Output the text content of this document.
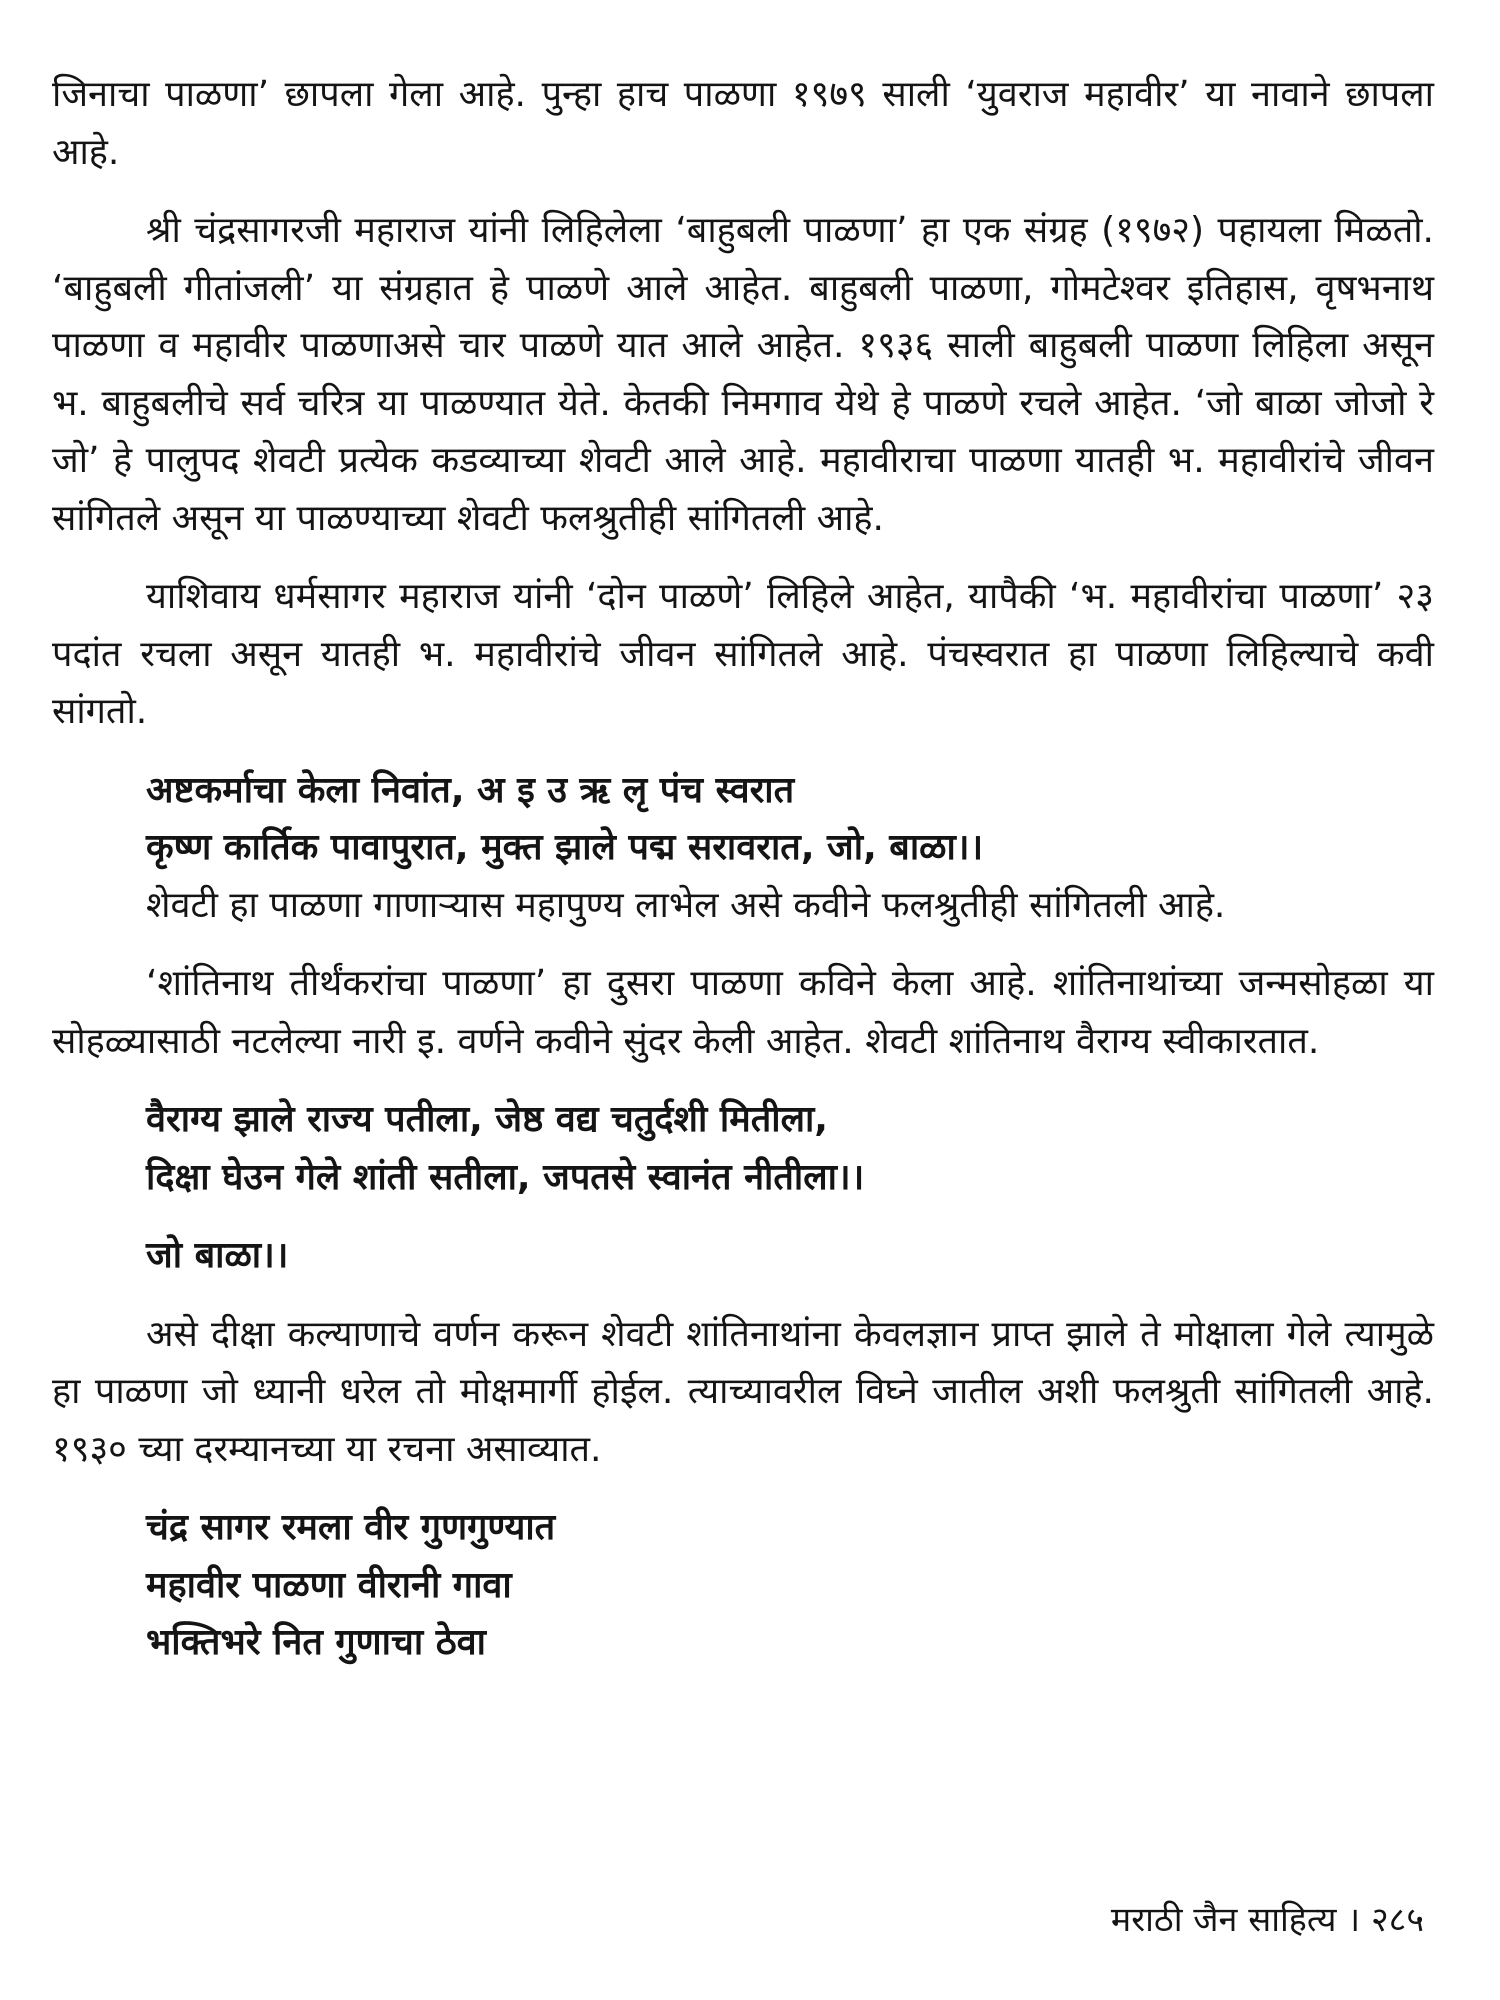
जिनाचा पाळणा’ छापला गेला आहे. पुन्हा हाच पाळणा १९७९ साली ‘युवराज महावीर’ या नावाने छापला आहे.

श्री चंद्रसागरजी महाराज यांनी लिहिलेला ‘बाहुबली पाळणा’ हा एक संग्रह (१९७२) पहायला मिळतो. ‘बाहुबली गीतांजली’ या संग्रहात हे पाळणे आले आहेत. बाहुबली पाळणा, गोमटेश्वर इतिहास, वृषभनाथ पाळणा व महावीर पाळणाअसे चार पाळणे यात आले आहेत. १९३६ साली बाहुबली पाळणा लिहिला असून भ. बाहुबलीचे सर्व चरित्र या पाळण्यात येते. केतकी निमगाव येथे हे पाळणे रचले आहेत. ‘जो बाळा जोजो रे जो’ हे पालुपद शेवटी प्रत्येक कडव्याच्या शेवटी आले आहे. महावीराचा पाळणा यातही भ. महावीरांचे जीवन सांगितले असून या पाळण्याच्या शेवटी फलश्रुतीही सांगितली आहे.

याशिवाय धर्मसागर महाराज यांनी ‘दोन पाळणे’ लिहिले आहेत, यापैकी ‘भ. महावीरांचा पाळणा’ २३ पदांत रचला असून यातही भ. महावीरांचे जीवन सांगितले आहे. पंचस्वरात हा पाळणा लिहिल्याचे कवी सांगतो.

अष्टकर्माचा केला निवांत, अ इ उ ऋ लृ पंच स्वरात
कृष्ण कार्तिक पावापुरात, मुक्त झाले पद्म सरावरात, जो, बाळा।।

शेवटी हा पाळणा गाणाऱ्यास महापुण्य लाभेल असे कवीने फलश्रुतीही सांगितली आहे.

‘शांतिनाथ तीर्थंकरांचा पाळणा’ हा दुसरा पाळणा कविने केला आहे. शांतिनाथांच्या जन्मसोहळा या सोहळ्यासाठी नटलेल्या नारी इ. वर्णने कवीने सुंदर केली आहेत. शेवटी शांतिनाथ वैराग्य स्वीकारतात.

वैराग्य झाले राज्य पतीला, जेष्ठ वद्य चतुर्दशी मितीला,
दिक्षा घेउन गेले शांती सतीला, जपतसे स्वानंत नीतीला।।
जो बाळा।।

असे दीक्षा कल्याणाचे वर्णन करून शेवटी शांतिनाथांना केवलज्ञान प्राप्त झाले ते मोक्षाला गेले त्यामुळे हा पाळणा जो ध्यानी धरेल तो मोक्षमार्गी होईल. त्याच्यावरील विघ्ने जातील अशी फलश्रुती सांगितली आहे. १९३० च्या दरम्यानच्या या रचना असाव्यात.

चंद्र सागर रमला वीर गुणगुण्यात
महावीर पाळणा वीरानी गावा
भक्तिभरे नित गुणाचा ठेवा
मराठी जैन साहित्य । २८५
